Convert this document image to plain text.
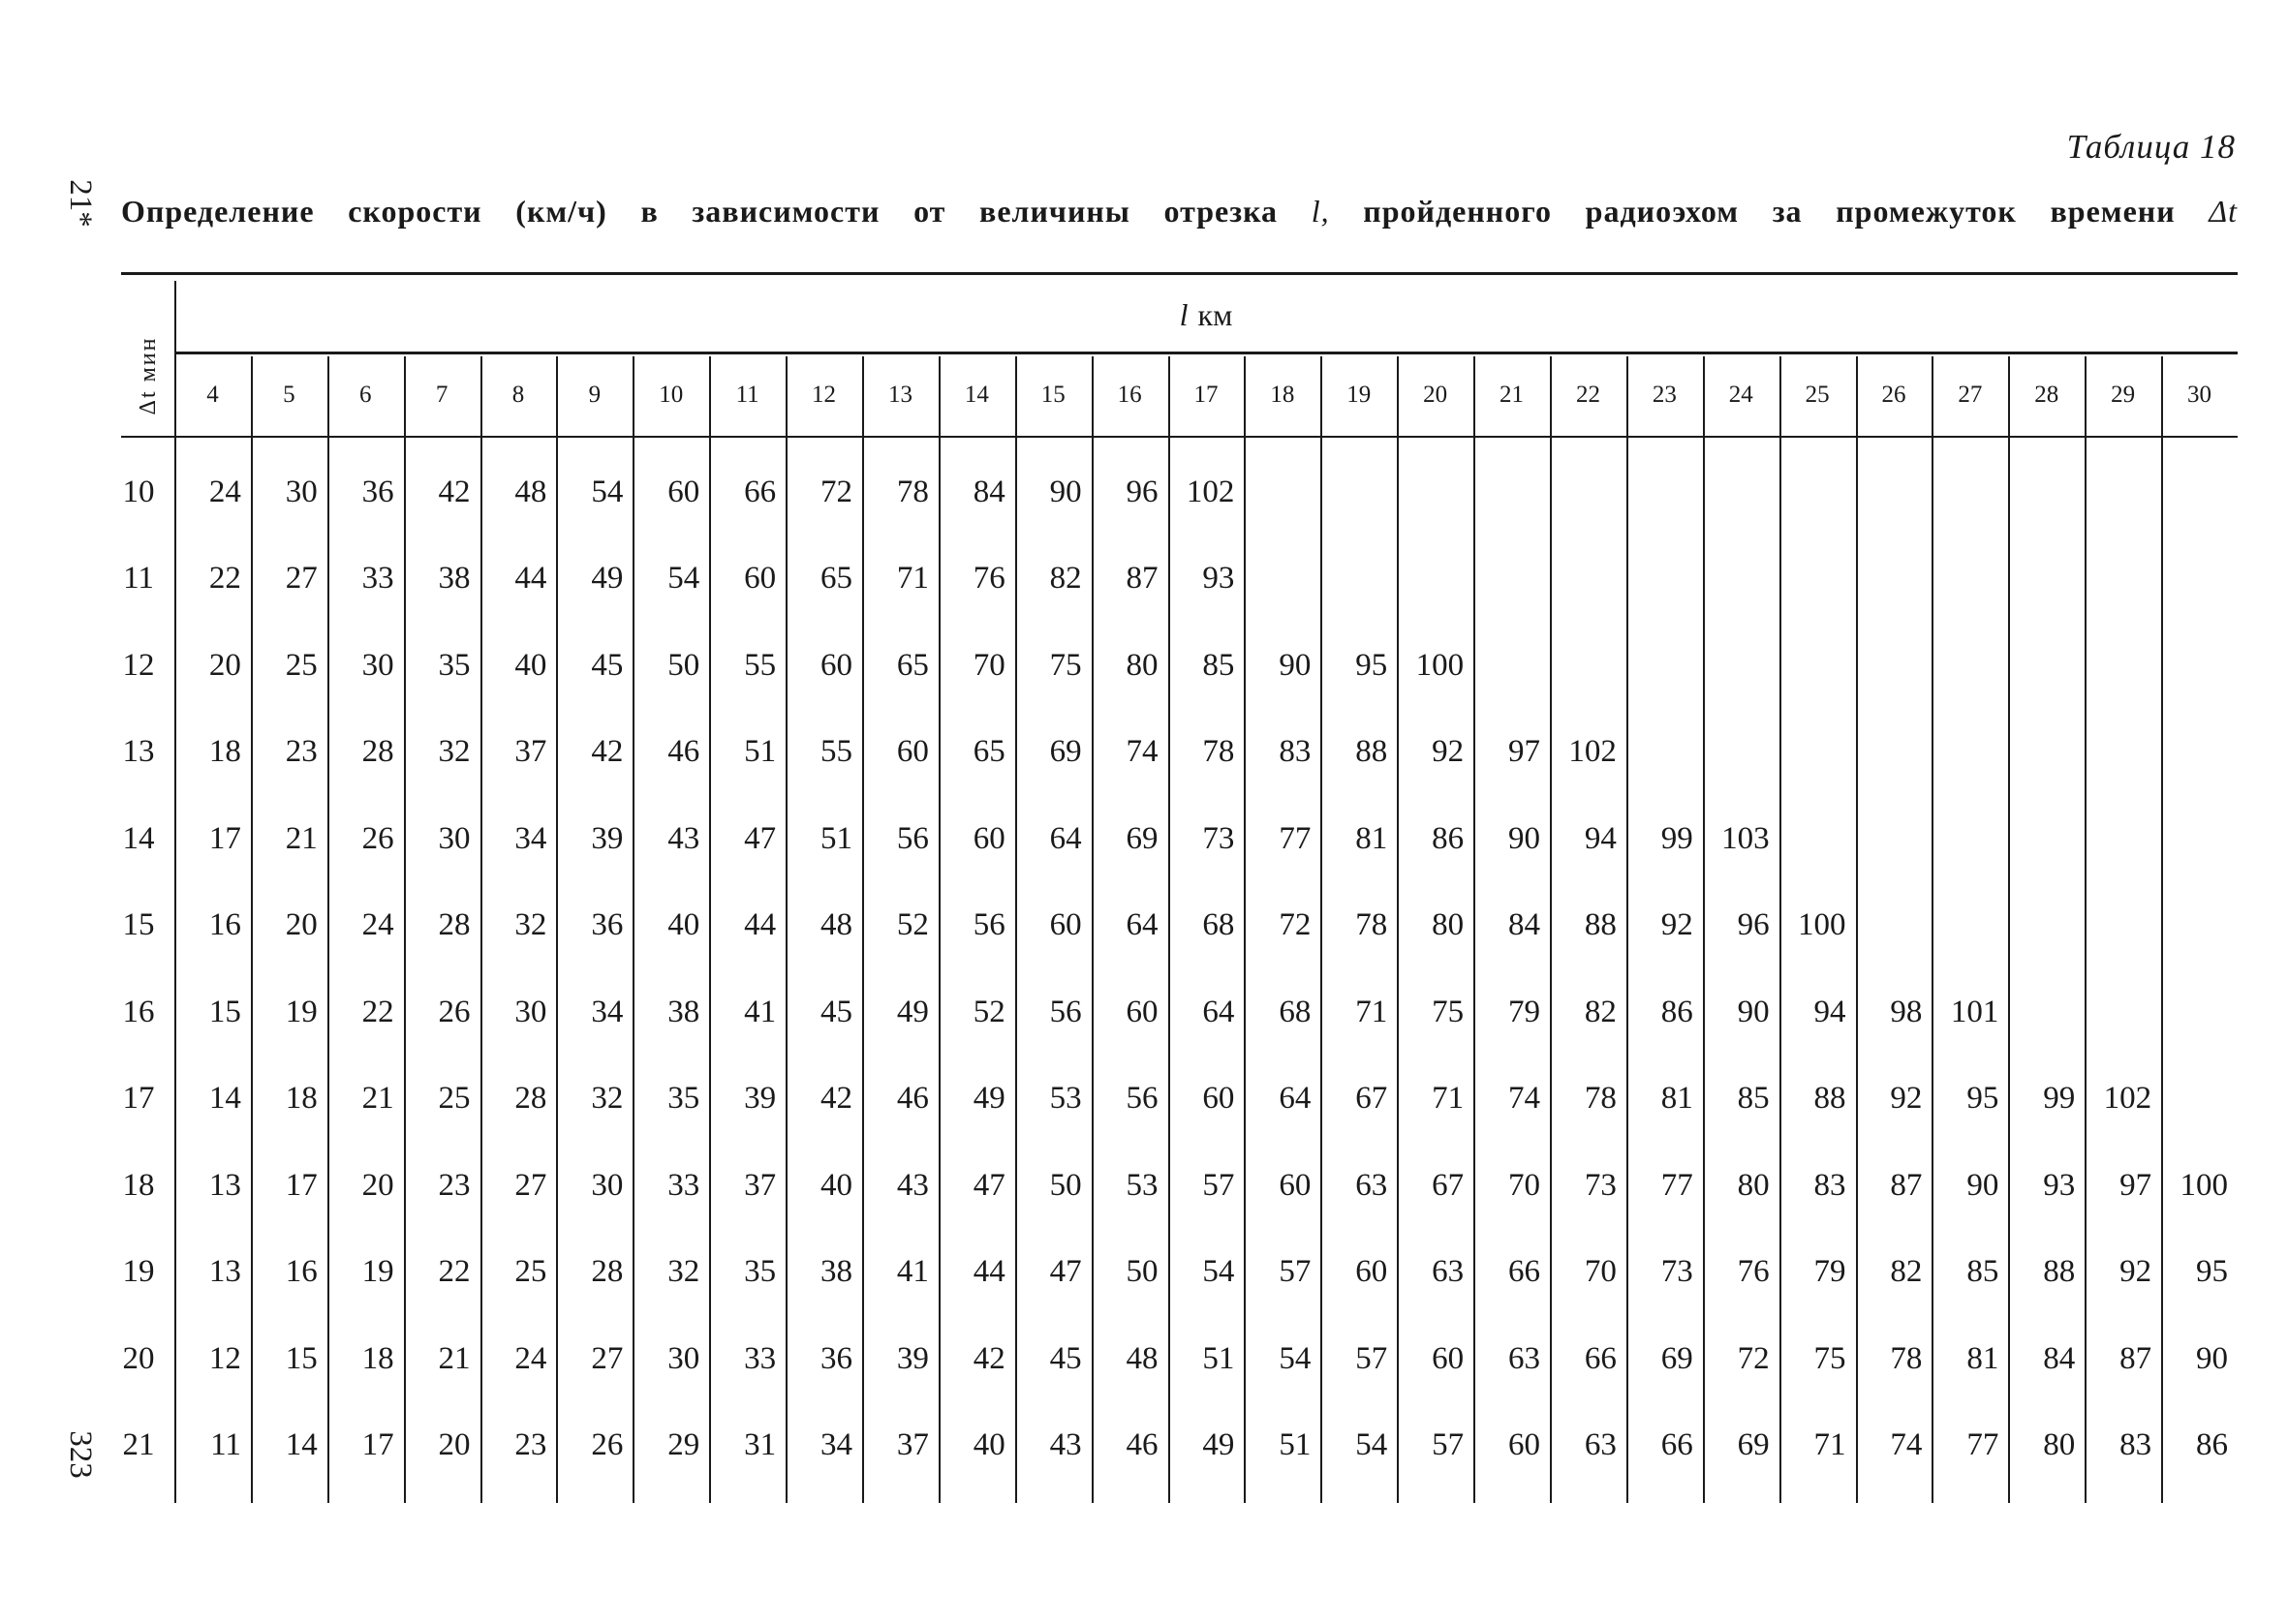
21*
323
Таблица 18
Определение скорости (км/ч) в зависимости от величины отрезка l, пройденного радиоэхом за промежуток времени Δt
l км
Δt мин	4	5	6	7	8	9	10	11	12	13	14	15	16	17	18	19	20	21	22	23	24	25	26	27	28	29	30
10	24	30	36	42	48	54	60	66	72	78	84	90	96 102
11	22	27	33	38	44	49	54	60	65	71	76	82	87	93
12	20	25	30	35	40	45	50	55	60	65	70	75	80	85	90	95 100
13	18	23	28	32	37	42	46	51	55	60	65	69	74	78	83	88	92	97 102
14	17	21	26	30	34	39	43	47	51	56	60	64	69	73	77	81	86	90	94	99 103
15	16	20	24	28	32	36	40	44	48	52	56	60	64	68	72	78	80	84	88	92	96 100
16	15	19	22	26	30	34	38	41	45	49	52	56	60	64	68	71	75	79	82	86	90	94	98 101
17	14	18	21	25	28	32	35	39	42	46	49	53	56	60	64	67	71	74	78	81	85	88	92	95	99 102
18	13	17	20	23	27	30	33	37	40	43	47	50	53	57	60	63	67	70	73	77	80	83	87	90	93	97 100
19	13	16	19	22	25	28	32	35	38	41	44	47	50	54	57	60	63	66	70	73	76	79	82	85	88	92	95
20	12	15	18	21	24	27	30	33	36	39	42	45	48	51	54	57	60	63	66	69	72	75	78	81	84	87	90
21	11	14	17	20	23	26	29	31	34	37	40	43	46	49	51	54	57	60	63	66	69	71	74	77	80	83	86
